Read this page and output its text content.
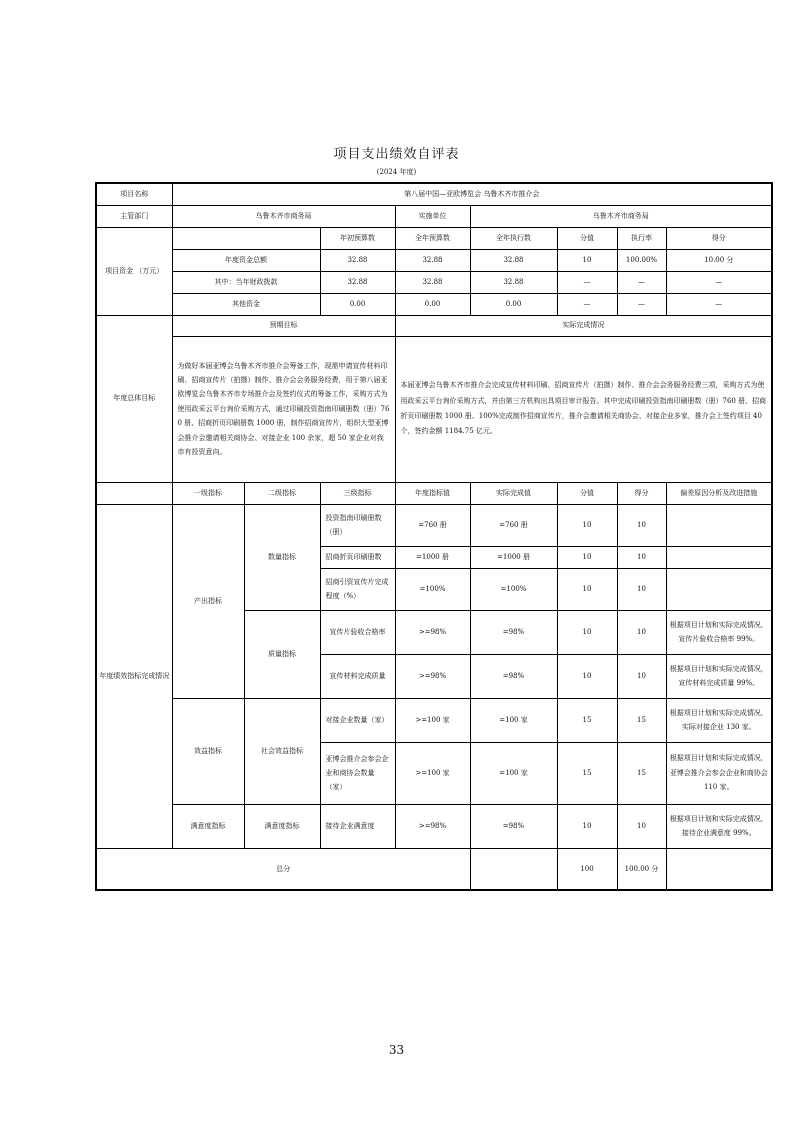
项目支出绩效自评表
(2024 年度)
项目名称	第八届中国—亚欧博览会 乌鲁木齐市推介会							
主管部门	乌鲁木齐市商务局			实施单位	乌鲁木齐市商务局			
项目资金 （万元）			年初预算数	全年预算数	全年执行数	分值	执行率	得分
	年度资金总额		32.88	32.88	32.88	10	100.00%	10.00 分
	其中：当年财政拨款		32.88	32.88	32.88	—	—	—
	其他资金		0.00	0.00	0.00	—	—	—
年度总体目标	预期目标			实际完成情况				
	为做好本届亚博会乌鲁木齐市推介会筹备工作，现需申请宣传材料印刷、招商宣传片（拍摄）制作、推介会会务服务经费，用于第八届亚欧博览会乌鲁木齐市专场推介会及签约仪式的筹备工作，采购方式为使用政采云平台询价采购方式，通过印刷投资指南印刷册数（册）760 册、招商折页印刷册数 1000 册，制作招商宣传片，组织大型亚博会推介会邀请相关商协会、对接企业 100 余家，超 50 家企业对我市有投资意向。			本届亚博会乌鲁木齐市推介会完成宣传材料印刷、招商宣传片（拍摄）制作、推介会会务服务经费三项，采购方式为使用政采云平台询价采购方式，并由第三方机构出具项目审计报告。其中完成印刷投资指南印刷册数（册）760 册、招商折页印刷册数 1000 册、100%完成制作招商宣传片，推介会邀请相关商协会、对接企业多家，推介会上签约项目 40 个，签约金额 1184.75 亿元。				
	一级指标	二级指标	三级指标	年度指标值	实际完成值	分值	得分	偏差原因分析及改进措施
年度绩效指标完成情况	产出指标	数量指标	投资指南印刷册数（册）	=760 册	=760 册	10	10	
			招商折页印刷册数	=1000 册	=1000 册	10	10	
			招商引资宣传片完成程度（%）	=100%	=100%	10	10	
		质量指标	宣传片验收合格率	>=98%	=98%	10	10	根据项目计划和实际完成情况，宣传片验收合格率 99%。
			宣传材料完成质量	>=98%	=98%	10	10	根据项目计划和实际完成情况，宣传材料完成质量 99%。
	效益指标	社会效益指标	对接企业数量（家）	>=100 家	=100 家	15	15	根据项目计划和实际完成情况，实际对接企业 130 家。
			亚博会推介会参会企业和商协会数量（家）	>=100 家	=100 家	15	15	根据项目计划和实际完成情况，亚博会推介会参会企业和商协会 110 家。
	满意度指标	满意度指标	接待企业满意度	>=98%	=98%	10	10	根据项目计划和实际完成情况，接待企业满意度 99%。
总分						100	100.00 分	
33
